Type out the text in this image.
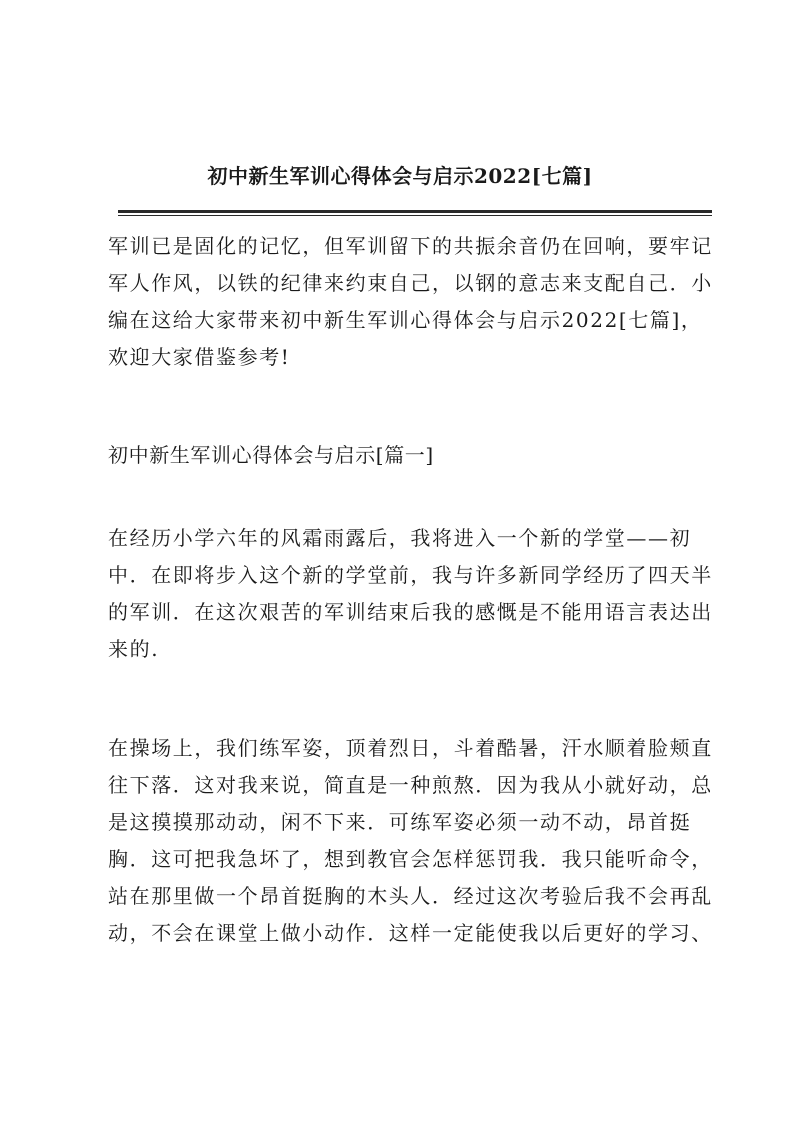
初中新生军训心得体会与启示2022[七篇]
军训已是固化的记忆，但军训留下的共振余音仍在回响，要牢记
军人作风，以铁的纪律来约束自己，以钢的意志来支配自己．小
编在这给大家带来初中新生军训心得体会与启示2022[七篇]，
欢迎大家借鉴参考!
初中新生军训心得体会与启示[篇一]
在经历小学六年的风霜雨露后，我将进入一个新的学堂——初
中．在即将步入这个新的学堂前，我与许多新同学经历了四天半
的军训．在这次艰苦的军训结束后我的感慨是不能用语言表达出
来的.
在操场上，我们练军姿，顶着烈日，斗着酷暑，汗水顺着脸颊直
往下落．这对我来说，简直是一种煎熬．因为我从小就好动，总
是这摸摸那动动，闲不下来．可练军姿必须一动不动，昂首挺
胸．这可把我急坏了，想到教官会怎样惩罚我．我只能听命令，
站在那里做一个昂首挺胸的木头人．经过这次考验后我不会再乱
动，不会在课堂上做小动作．这样一定能使我以后更好的学习、
